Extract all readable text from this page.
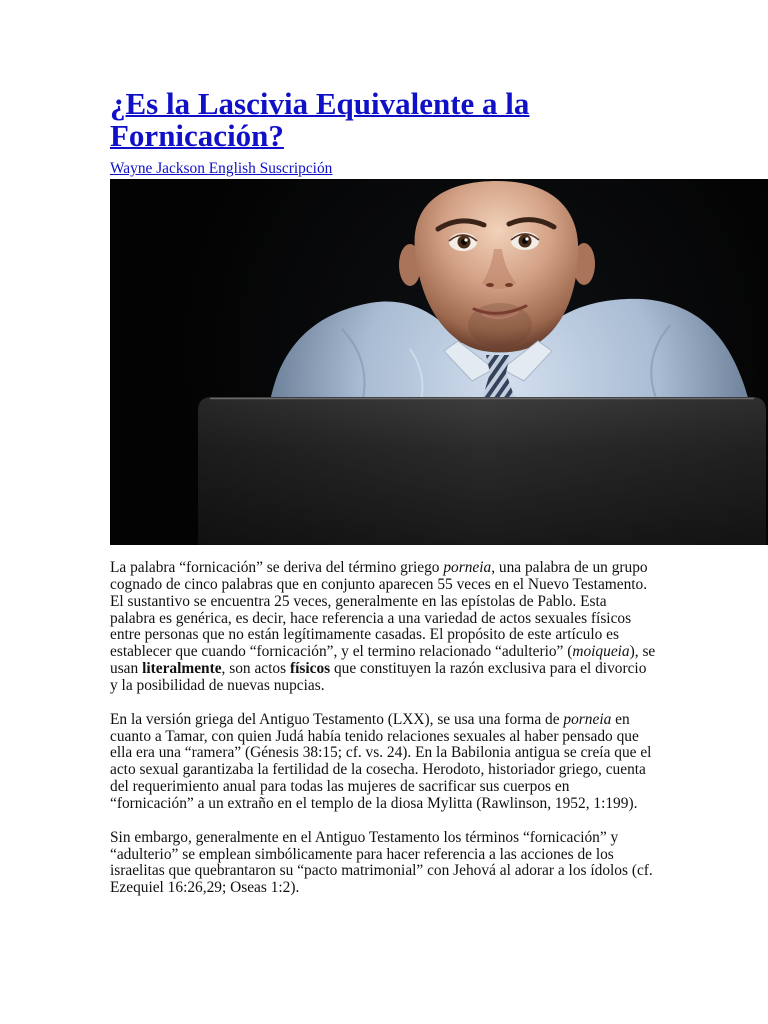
¿Es la Lascivia Equivalente a la Fornicación?
Wayne Jackson English Suscripción

La palabra “fornicación” se deriva del término griego porneia, una palabra de un grupo
cognado de cinco palabras que en conjunto aparecen 55 veces en el Nuevo Testamento.
El sustantivo se encuentra 25 veces, generalmente en las epístolas de Pablo. Esta
palabra es genérica, es decir, hace referencia a una variedad de actos sexuales físicos
entre personas que no están legítimamente casadas. El propósito de este artículo es
establecer que cuando “fornicación”, y el termino relacionado “adulterio” (moiqueia), se
usan literalmente, son actos físicos que constituyen la razón exclusiva para el divorcio
y la posibilidad de nuevas nupcias.

En la versión griega del Antiguo Testamento (LXX), se usa una forma de porneia en
cuanto a Tamar, con quien Judá había tenido relaciones sexuales al haber pensado que
ella era una “ramera” (Génesis 38:15; cf. vs. 24). En la Babilonia antigua se creía que el
acto sexual garantizaba la fertilidad de la cosecha. Herodoto, historiador griego, cuenta
del requerimiento anual para todas las mujeres de sacrificar sus cuerpos en
“fornicación” a un extraño en el templo de la diosa Mylitta (Rawlinson, 1952, 1:199).

Sin embargo, generalmente en el Antiguo Testamento los términos “fornicación” y
“adulterio” se emplean simbólicamente para hacer referencia a las acciones de los
israelitas que quebrantaron su “pacto matrimonial” con Jehová al adorar a los ídolos (cf.
Ezequiel 16:26,29; Oseas 1:2).
